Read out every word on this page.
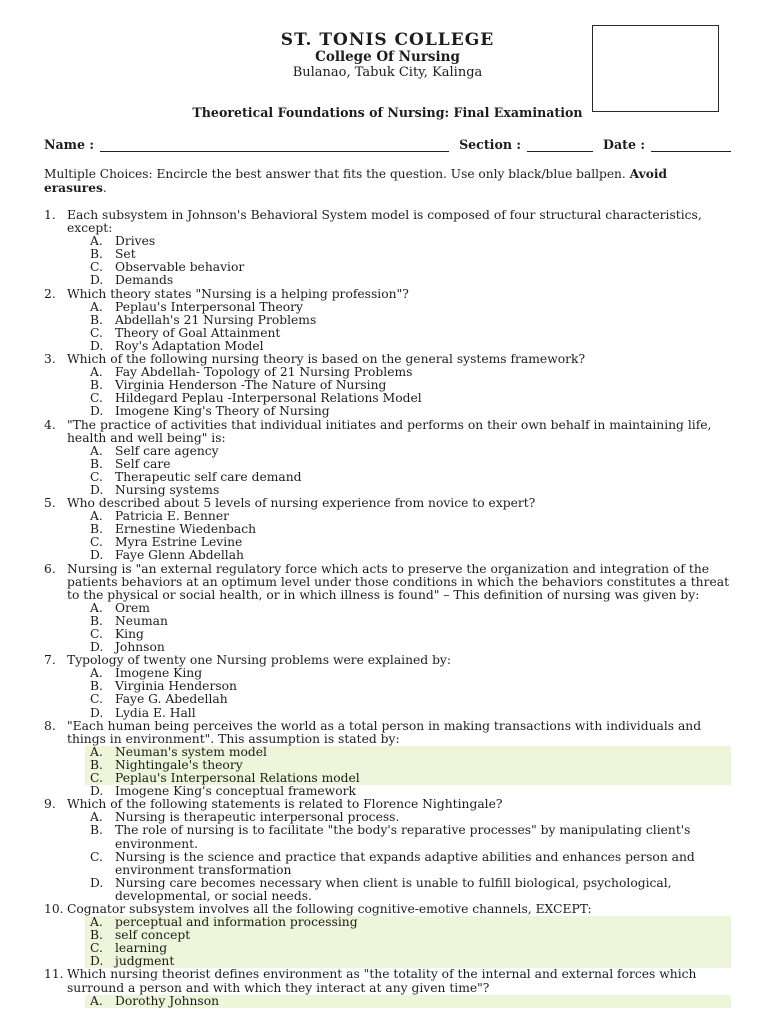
ST. TONIS COLLEGE
College Of Nursing
Bulanao, Tabuk City, Kalinga
Theoretical Foundations of Nursing: Final Examination
Name :	Section :	Date :
Multiple Choices: Encircle the best answer that fits the question. Use only black/blue ballpen. Avoid erasures.
1. Each subsystem in Johnson's Behavioral System model is composed of four structural characteristics, except:
A. Drives
B. Set
C. Observable behavior
D. Demands
2. Which theory states "Nursing is a helping profession"?
A. Peplau's Interpersonal Theory
B. Abdellah's 21 Nursing Problems
C. Theory of Goal Attainment
D. Roy's Adaptation Model
3. Which of the following nursing theory is based on the general systems framework?
A. Fay Abdellah- Topology of 21 Nursing Problems
B. Virginia Henderson -The Nature of Nursing
C. Hildegard Peplau -Interpersonal Relations Model
D. Imogene King's Theory of Nursing
4. "The practice of activities that individual initiates and performs on their own behalf in maintaining life, health and well being" is:
A. Self care agency
B. Self care
C. Therapeutic self care demand
D. Nursing systems
5. Who described about 5 levels of nursing experience from novice to expert?
A. Patricia E. Benner
B. Ernestine Wiedenbach
C. Myra Estrine Levine
D. Faye Glenn Abdellah
6. Nursing is "an external regulatory force which acts to preserve the organization and integration of the patients behaviors at an optimum level under those conditions in which the behaviors constitutes a threat to the physical or social health, or in which illness is found" – This definition of nursing was given by:
A. Orem
B. Neuman
C. King
D. Johnson
7. Typology of twenty one Nursing problems were explained by:
A. Imogene King
B. Virginia Henderson
C. Faye G. Abedellah
D. Lydia E. Hall
8. "Each human being perceives the world as a total person in making transactions with individuals and things in environment". This assumption is stated by:
A. Neuman's system model
B. Nightingale's theory
C. Peplau's Interpersonal Relations model
D. Imogene King's conceptual framework
9. Which of the following statements is related to Florence Nightingale?
A. Nursing is therapeutic interpersonal process.
B. The role of nursing is to facilitate "the body's reparative processes" by manipulating client's environment.
C. Nursing is the science and practice that expands adaptive abilities and enhances person and environment transformation
D. Nursing care becomes necessary when client is unable to fulfill biological, psychological, developmental, or social needs.
10. Cognator subsystem involves all the following cognitive-emotive channels, EXCEPT:
A. perceptual and information processing
B. self concept
C. learning
D. judgment
11. Which nursing theorist defines environment as "the totality of the internal and external forces which surround a person and with which they interact at any given time"?
A. Dorothy Johnson
